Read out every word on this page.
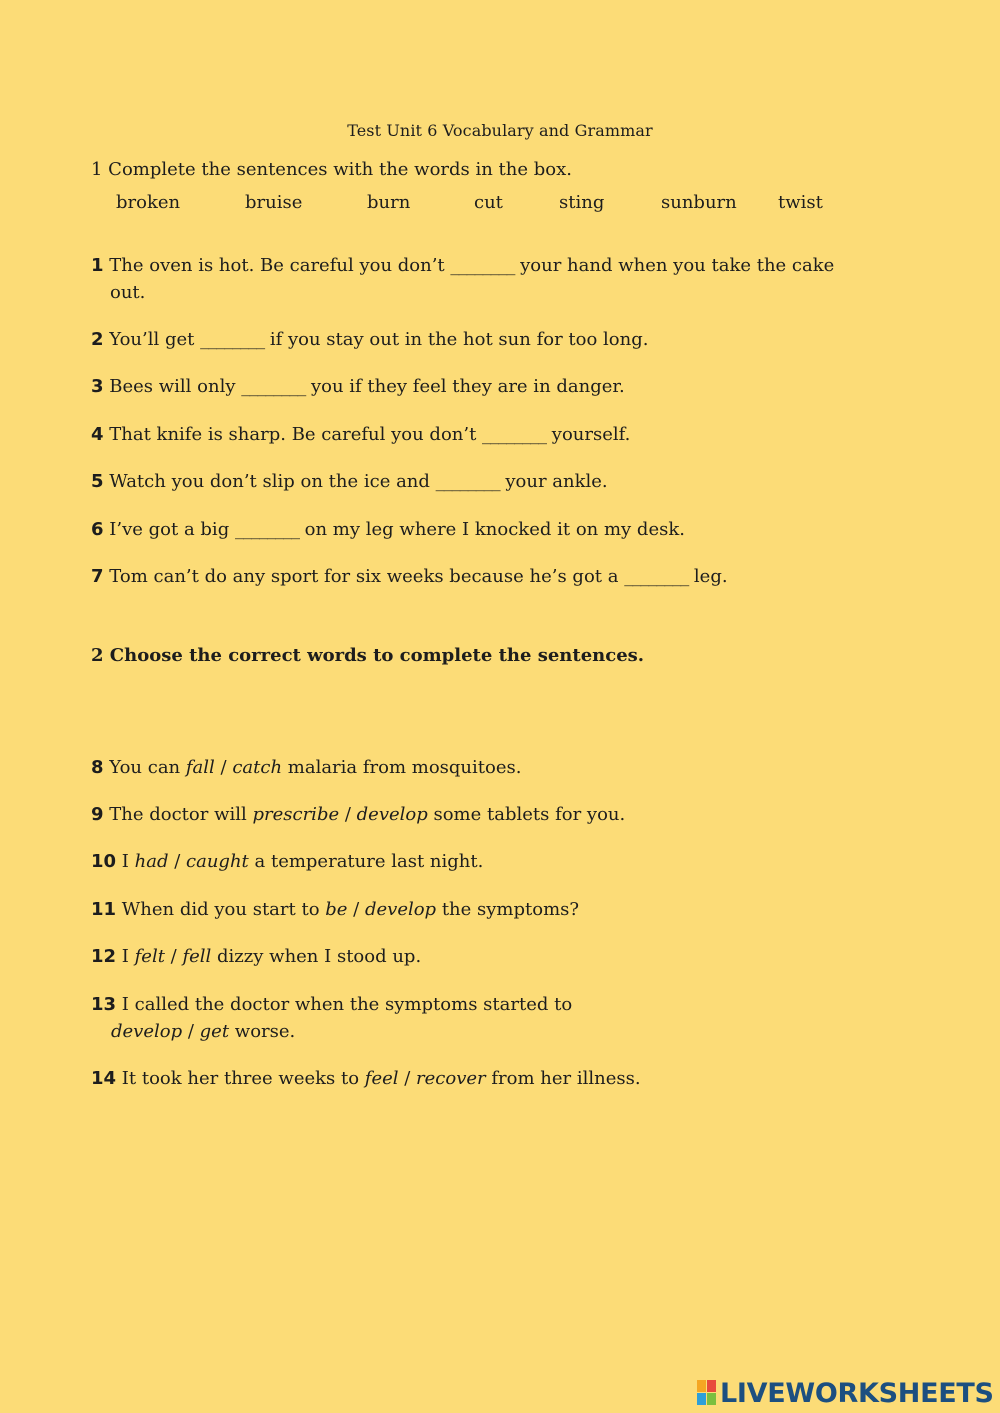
Test Unit 6 Vocabulary and Grammar
1 Complete the sentences with the words in the box.
broken	bruise	burn	cut	sting	sunburn twist
1 The oven is hot. Be careful you don’t ________ your hand when you take the cake
out.
2 You’ll get ________ if you stay out in the hot sun for too long.
3 Bees will only ________ you if they feel they are in danger.
4 That knife is sharp. Be careful you don’t ________ yourself.
5 Watch you don’t slip on the ice and ________ your ankle.
6 I’ve got a big ________ on my leg where I knocked it on my desk.
7 Tom can’t do any sport for six weeks because he’s got a ________ leg.
2 Choose the correct words to complete the sentences.
8 You can fall / catch malaria from mosquitoes.
9 The doctor will prescribe / develop some tablets for you.
10 I had / caught a temperature last night.
11 When did you start to be / develop the symptoms?
12 I felt / fell dizzy when I stood up.
13 I called the doctor when the symptoms started to
develop / get worse.
14 It took her three weeks to feel / recover from her illness.
LIVEWORKSHEETS
